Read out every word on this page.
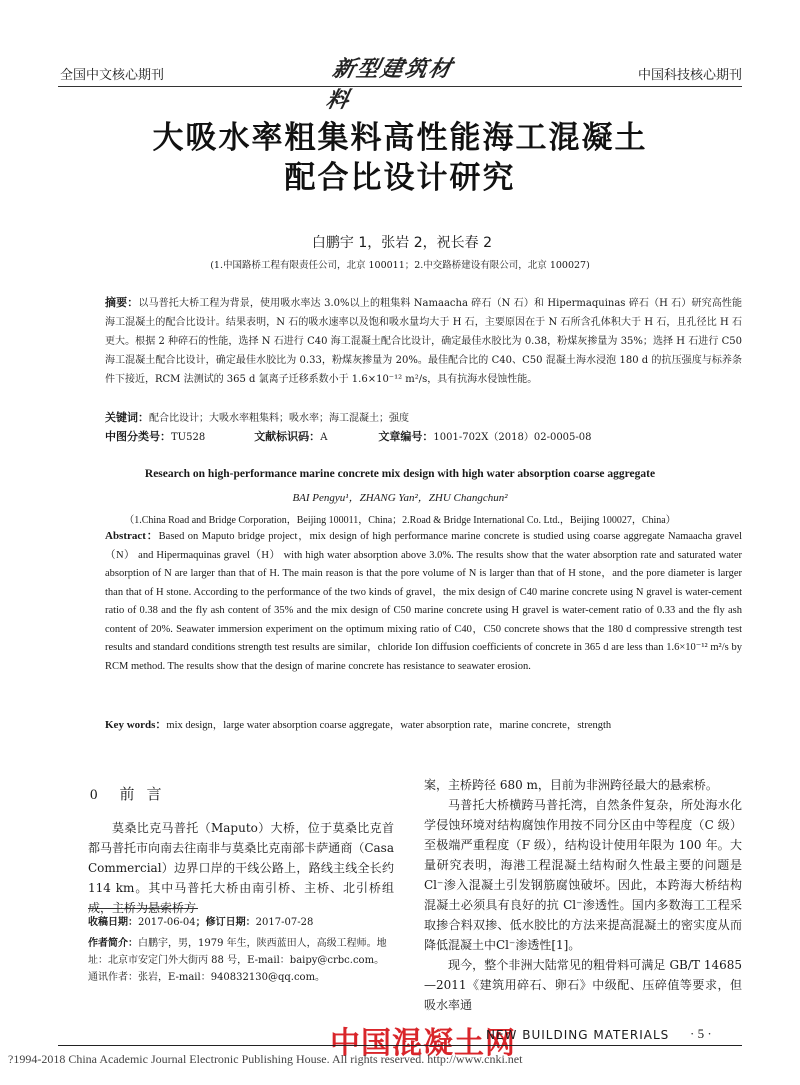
全国中文核心期刊	新型建筑材料
中国科技核心期刊
大吸水率粗集料高性能海工混凝土
配合比设计研究
白鹏宇 1，张岩 2，祝长春 2
(1.中国路桥工程有限责任公司，北京 100011；2.中交路桥建设有限公司，北京 100027)
摘要：以马普托大桥工程为背景，使用吸水率达 3.0%以上的粗集料 Namaacha 碎石（N 石）和 Hipermaquinas 碎石（H 石）研究高性能海工混凝土的配合比设计。结果表明，N 石的吸水速率以及饱和吸水量均大于 H 石，主要原因在于 N 石所含孔体积大于 H 石，且孔径比 H 石更大。根据 2 种碎石的性能，选择 N 石进行 C40 海工混凝土配合比设计，确定最佳水胶比为 0.38，粉煤灰掺量为 35%；选择 H 石进行 C50 海工混凝土配合比设计，确定最佳水胶比为 0.33，粉煤灰掺量为 20%。最佳配合比的 C40、C50 混凝土海水浸泡 180 d 的抗压强度与标养条件下接近，RCM 法测试的 365 d 氯离子迁移系数小于 1.6×10⁻¹² m²/s，具有抗海水侵蚀性能。
关键词：配合比设计；大吸水率粗集料；吸水率；海工混凝土；强度
中图分类号：TU528	文献标识码：A	文章编号：1001-702X（2018）02-0005-08
Research on high-performance marine concrete mix design with high water absorption coarse aggregate
BAI Pengyu¹，ZHANG Yan²，ZHU Changchun²
（1.China Road and Bridge Corporation，Beijing 100011，China；2.Road & Bridge International Co. Ltd.，Beijing 100027，China）
Abstract：Based on Maputo bridge project，mix design of high performance marine concrete is studied using coarse aggregate Namaacha gravel（N） and Hipermaquinas gravel（H） with high water absorption above 3.0%. The results show that the water absorption rate and saturated water absorption of N are larger than that of H. The main reason is that the pore volume of N is larger than that of H stone，and the pore diameter is larger than that of H stone. According to the performance of the two kinds of gravel，the mix design of C40 marine concrete using N gravel is water-cement ratio of 0.38 and the fly ash content of 35% and the mix design of C50 marine concrete using H gravel is water-cement ratio of 0.33 and the fly ash content of 20%. Seawater immersion experiment on the optimum mixing ratio of C40，C50 concrete shows that the 180 d compressive strength test results and standard conditions strength test results are similar，chloride Ion diffusion coefficients of concrete in 365 d are less than 1.6×10⁻¹² m²/s by RCM method. The results show that the design of marine concrete has resistance to seawater erosion.
Key words：mix design，large water absorption coarse aggregate，water absorption rate，marine concrete，strength
0 前言
莫桑比克马普托（Maputo）大桥，位于莫桑比克首都马普托市向南去往南非与莫桑比克南部卡萨通商（Casa Commercial）边界口岸的干线公路上，路线主线全长约 114 km。其中马普托大桥由南引桥、主桥、北引桥组成，主桥为悬索桥方
收稿日期：2017-06-04；修订日期：2017-07-28
作者简介：白鹏宇，男，1979 年生，陕西蓝田人，高级工程师。地址：北京市安定门外大街丙 88 号，E-mail：baipy@crbc.com。通讯作者：张岩，E-mail：940832130@qq.com。

案，主桥跨径 680 m，目前为非洲跨径最大的悬索桥。

马普托大桥横跨马普托湾，自然条件复杂，所处海水化学侵蚀环境对结构腐蚀作用按不同分区由中等程度（C 级）至极端严重程度（F 级），结构设计使用年限为 100 年。大量研究表明，海港工程混凝土结构耐久性最主要的问题是 Cl⁻渗入混凝土引发钢筋腐蚀破坏。因此，本跨海大桥结构混凝土必须具有良好的抗 Cl⁻渗透性。国内多数海工工程采取掺合料双掺、低水胶比的方法来提高混凝土的密实度从而降低混凝土中Cl⁻渗透性[1]。

现今，整个非洲大陆常见的粗骨料可满足 GB/T 14685—2011《建筑用碎石、卵石》中级配、压碎值等要求，但吸水率通

中国混凝土网
NEW BUILDING MATERIALS · 5 ·
?1994-2018 China Academic Journal Electronic Publishing House. All rights reserved. http://www.cnki.net
